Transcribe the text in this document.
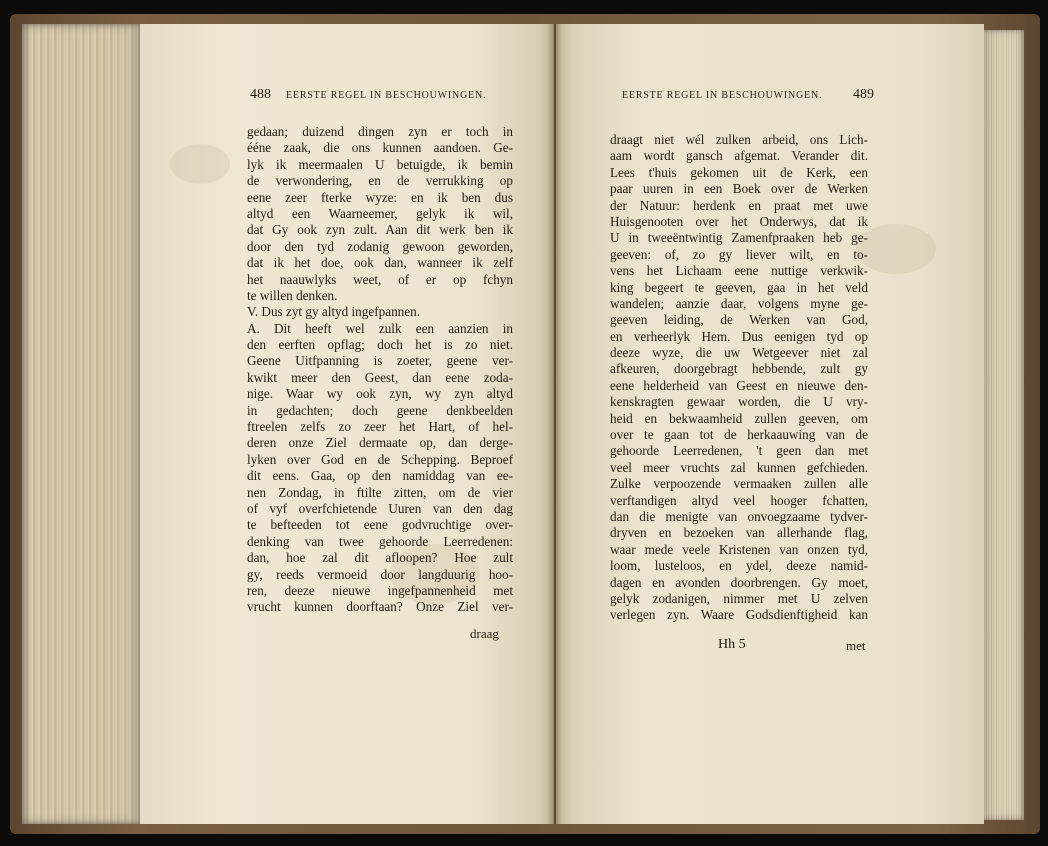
488 EERSTE REGEL IN BESCHOUWINGEN.	EERSTE REGEL IN BESCHOUWINGEN. 489
gedaan; duizend dingen zyn er toch in
ééne zaak, die ons kunnen aandoen. Ge-
lyk ik meermaalen U betuigde, ik bemin
de verwondering, en de verrukking op
eene zeer fterke wyze: en ik ben dus
altyd een Waarneemer, gelyk ik wil,
dat Gy ook zyn zult. Aan dit werk ben ik
door den tyd zodanig gewoon geworden,
dat ik het doe, ook dan, wanneer ik zelf
het naauwlyks weet, of er op fchyn
te willen denken.
V. Dus zyt gy altyd ingefpannen.
A. Dit heeft wel zulk een aanzien in
den eerften opflag; doch het is zo niet.
Geene Uitfpanning is zoeter, geene ver-
kwikt meer den Geest, dan eene zoda-
nige. Waar wy ook zyn, wy zyn altyd
in gedachten; doch geene denkbeelden
ftreelen zelfs zo zeer het Hart, of hel-
deren onze Ziel dermaate op, dan derge-
lyken over God en de Schepping. Beproef
dit eens. Gaa, op den namiddag van ee-
nen Zondag, in ftilte zitten, om de vier
of vyf overfchietende Uuren van den dag
te befteeden tot eene godvruchtige over-
denking van twee gehoorde Leerredenen:
dan, hoe zal dit afloopen? Hoe zult
gy, reeds vermoeid door langduurig hoo-
ren, deeze nieuwe ingefpannenheid met
vrucht kunnen doorftaan? Onze Ziel ver-
draagt niet wél zulken arbeid, ons Lich-
aam wordt gansch afgemat. Verander dit.
Lees t'huis gekomen uit de Kerk, een
paar uuren in een Boek over de Werken
der Natuur: herdenk en praat met uwe
Huisgenooten over het Onderwys, dat ik
U in tweeëntwintig Zamenfpraaken heb ge-
geeven: of, zo gy liever wilt, en to-
vens het Lichaam eene nuttige verkwik-
king begeert te geeven, gaa in het veld
wandelen; aanzie daar, volgens myne ge-
geeven leiding, de Werken van God,
en verheerlyk Hem. Dus eenigen tyd op
deeze wyze, die uw Wetgeever niet zal
afkeuren, doorgebragt hebbende, zult gy
eene helderheid van Geest en nieuwe den-
kenskragten gewaar worden, die U vry-
heid en bekwaamheid zullen geeven, om
over te gaan tot de herkaauwing van de
gehoorde Leerredenen, 't geen dan met
veel meer vruchts zal kunnen gefchieden.
Zulke verpoozende vermaaken zullen alle
verftandigen altyd veel hooger fchatten,
dan die menigte van onvoegzaame tydver-
dryven en bezoeken van allerhande flag,
waar mede veele Kristenen van onzen tyd,
loom, lusteloos, en ydel, deeze namid-
dagen en avonden doorbrengen. Gy moet,
gelyk zodanigen, nimmer met U zelven
verlegen zyn. Waare Godsdienftigheid kan
draag
Hh 5	met
